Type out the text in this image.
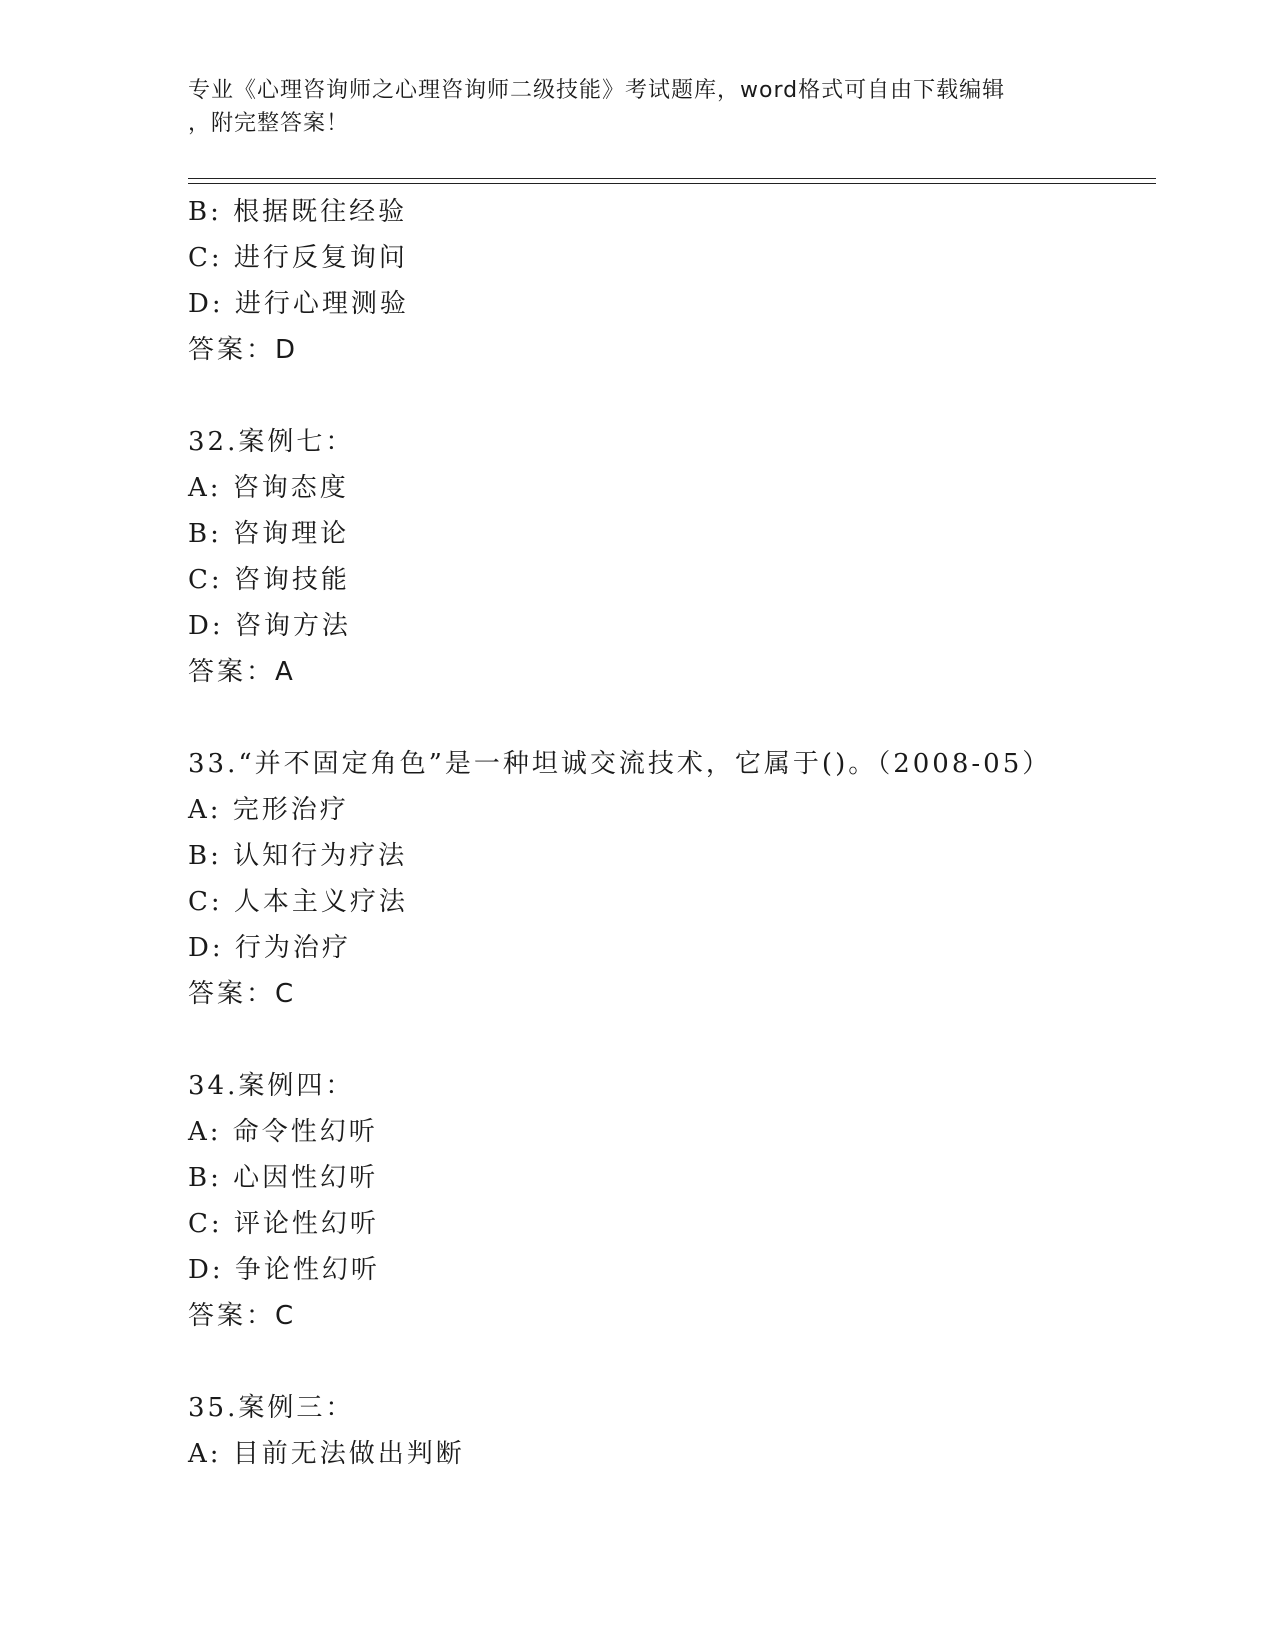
专业《心理咨询师之心理咨询师二级技能》考试题库，word格式可自由下载编辑
，附完整答案！
B: 根据既往经验
C: 进行反复询问
D: 进行心理测验
答案：D
32.案例七：
A: 咨询态度
B: 咨询理论
C: 咨询技能
D: 咨询方法
答案：A
33.“并不固定角色”是一种坦诚交流技术，它属于()。（2008-05）
A: 完形治疗
B: 认知行为疗法
C: 人本主义疗法
D: 行为治疗
答案：C
34.案例四：
A: 命令性幻听
B: 心因性幻听
C: 评论性幻听
D: 争论性幻听
答案：C
35.案例三：
A: 目前无法做出判断
